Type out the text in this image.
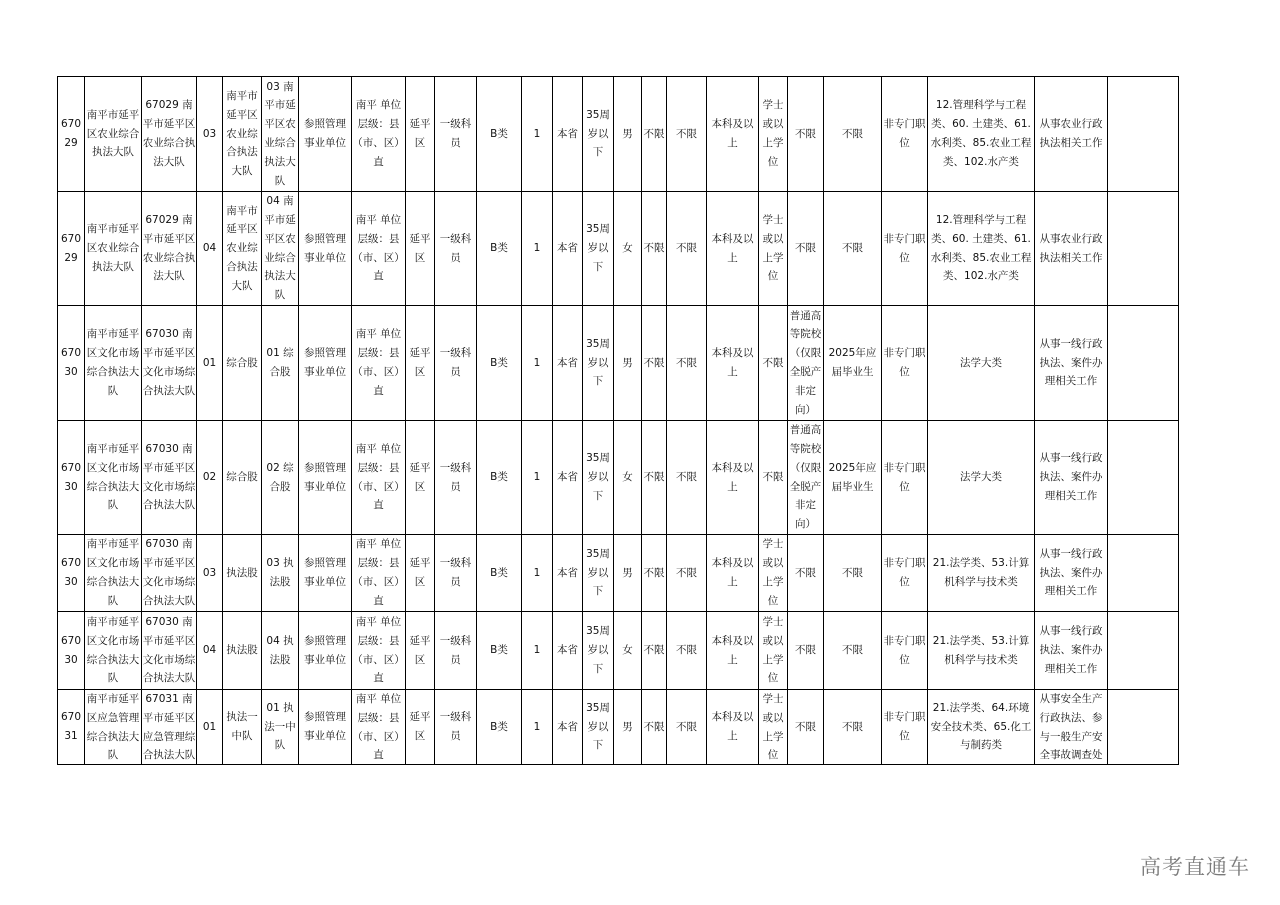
67029	南平市延平区农业综合执法大队	67029 南平市延平区农业综合执法大队	03	南平市延平区农业综合执法大队	03 南平市延平区农业综合执法大队	参照管理事业单位	南平 单位层级：县（市、区）直	延平区	一级科员	B类	1	本省	35周岁以下	男	不限	不限	本科及以上	学士或以上学位	不限	不限	非专门职位	12.管理科学与工程类、60. 土建类、61.水利类、85.农业工程类、102.水产类	从事农业行政执法相关工作	

67029	南平市延平区农业综合执法大队	67029 南平市延平区农业综合执法大队	04	南平市延平区农业综合执法大队	04 南平市延平区农业综合执法大队	参照管理事业单位	南平 单位层级：县（市、区）直	延平区	一级科员	B类	1	本省	35周岁以下	女	不限	不限	本科及以上	学士或以上学位	不限	不限	非专门职位	12.管理科学与工程类、60. 土建类、61.水利类、85.农业工程类、102.水产类	从事农业行政执法相关工作	

67030	南平市延平区文化市场综合执法大队	67030 南平市延平区文化市场综合执法大队	01	综合股	01 综合股	参照管理事业单位	南平 单位层级：县（市、区）直	延平区	一级科员	B类	1	本省	35周岁以下	男	不限	不限	本科及以上	不限	普通高等院校（仅限全脱产非定向）	2025年应届毕业生	非专门职位	法学大类	从事一线行政执法、案件办理相关工作	

67030	南平市延平区文化市场综合执法大队	67030 南平市延平区文化市场综合执法大队	02	综合股	02 综合股	参照管理事业单位	南平 单位层级：县（市、区）直	延平区	一级科员	B类	1	本省	35周岁以下	女	不限	不限	本科及以上	不限	普通高等院校（仅限全脱产非定向）	2025年应届毕业生	非专门职位	法学大类	从事一线行政执法、案件办理相关工作	

67030	南平市延平区文化市场综合执法大队	67030 南平市延平区文化市场综合执法大队	03	执法股	03 执法股	参照管理事业单位	南平 单位层级：县（市、区）直	延平区	一级科员	B类	1	本省	35周岁以下	男	不限	不限	本科及以上	学士或以上学位	不限	不限	非专门职位	21.法学类、53.计算机科学与技术类	从事一线行政执法、案件办理相关工作	

67030	南平市延平区文化市场综合执法大队	67030 南平市延平区文化市场综合执法大队	04	执法股	04 执法股	参照管理事业单位	南平 单位层级：县（市、区）直	延平区	一级科员	B类	1	本省	35周岁以下	女	不限	不限	本科及以上	学士或以上学位	不限	不限	非专门职位	21.法学类、53.计算机科学与技术类	从事一线行政执法、案件办理相关工作	

67031	南平市延平区应急管理综合执法大队	67031 南平市延平区应急管理综合执法大队	01	执法一中队	01 执法一中队	参照管理事业单位	南平 单位层级：县（市、区）直	延平区	一级科员	B类	1	本省	35周岁以下	男	不限	不限	本科及以上	学士或以上学位	不限	不限	非专门职位	21.法学类、64.环境安全技术类、65.化工与制药类	从事安全生产行政执法、参与一般生产安全事故调查处	

高考直通车
